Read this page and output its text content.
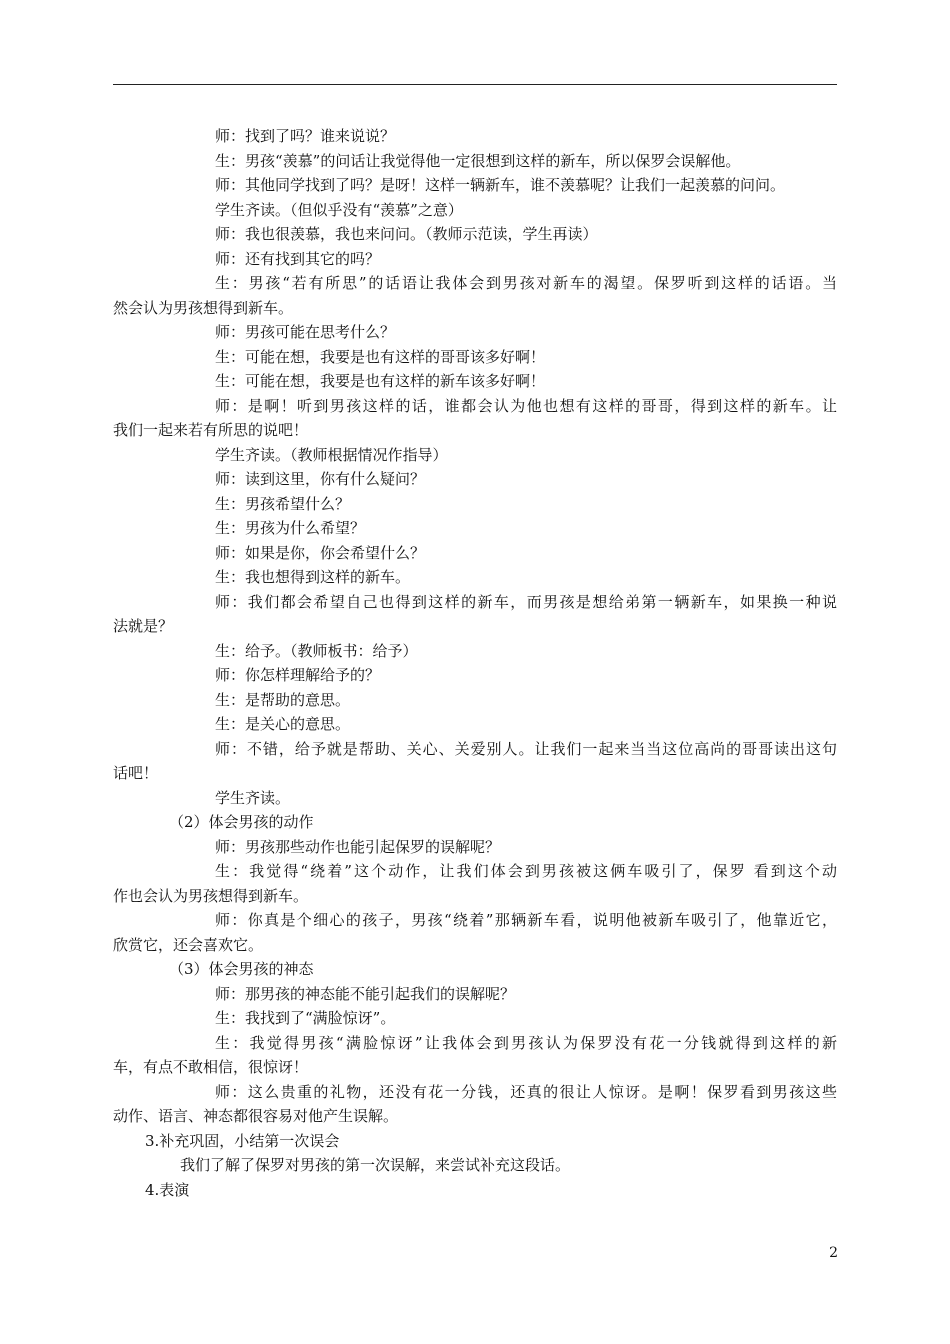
师：找到了吗？谁来说说？
生：男孩“羡慕”的问话让我觉得他一定很想到这样的新车，所以保罗会误解他。
师：其他同学找到了吗？是呀！这样一辆新车，谁不羡慕呢？让我们一起羡慕的问问。
学生齐读。（但似乎没有“羡慕”之意）
师：我也很羡慕，我也来问问。（教师示范读，学生再读）
师：还有找到其它的吗？
生：男孩“若有所思”的话语让我体会到男孩对新车的渴望。保罗听到这样的话语。当
然会认为男孩想得到新车。
师：男孩可能在思考什么？
生：可能在想，我要是也有这样的哥哥该多好啊！
生：可能在想，我要是也有这样的新车该多好啊！
师：是啊！听到男孩这样的话，谁都会认为他也想有这样的哥哥，得到这样的新车。让
我们一起来若有所思的说吧！
学生齐读。（教师根据情况作指导）
师：读到这里，你有什么疑问？
生：男孩希望什么？
生：男孩为什么希望？
师：如果是你，你会希望什么？
生：我也想得到这样的新车。
师：我们都会希望自己也得到这样的新车，而男孩是想给弟第一辆新车，如果换一种说
法就是？
生：给予。（教师板书：给予）
师：你怎样理解给予的？
生：是帮助的意思。
生：是关心的意思。
师：不错，给予就是帮助、关心、关爱别人。让我们一起来当当这位高尚的哥哥读出这句
话吧！
学生齐读。
（2）体会男孩的动作
师：男孩那些动作也能引起保罗的误解呢？
生：我觉得“绕着”这个动作，让我们体会到男孩被这俩车吸引了，保罗 看到这个动
作也会认为男孩想得到新车。
师：你真是个细心的孩子，男孩“绕着”那辆新车看，说明他被新车吸引了，他靠近它，
欣赏它，还会喜欢它。
（3）体会男孩的神态
师：那男孩的神态能不能引起我们的误解呢？
生：我找到了“满脸惊讶”。
生：我觉得男孩“满脸惊讶”让我体会到男孩认为保罗没有花一分钱就得到这样的新
车，有点不敢相信，很惊讶！
师：这么贵重的礼物，还没有花一分钱，还真的很让人惊讶。是啊！保罗看到男孩这些
动作、语言、神态都很容易对他产生误解。
3.补充巩固，小结第一次误会
我们了解了保罗对男孩的第一次误解，来尝试补充这段话。
4.表演
2
